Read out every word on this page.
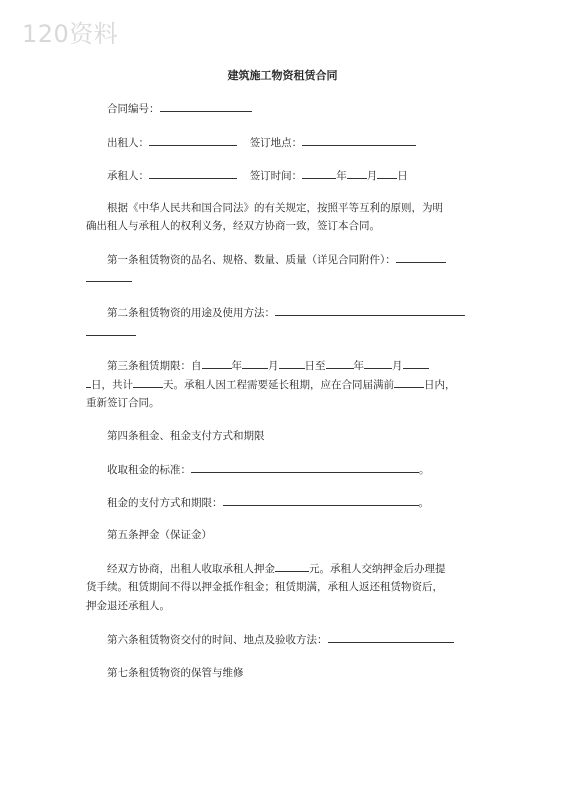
120资料
建筑施工物资租赁合同
合同编号：
出租人：	签订地点：
承租人：	签订时间：	年 月 日
根据《中华人民共和国合同法》的有关规定，按照平等互利的原则，为明
确出租人与承租人的权利义务，经双方协商一致，签订本合同。
第一条租赁物资的品名、规格、数量、质量（详见合同附件）：
第二条租赁物资的用途及使用方法：
第三条租赁期限：自	年 月 日至	年	月
日，共计	天。承租人因工程需要延长租期，应在合同届满前	日内，
重新签订合同。
第四条租金、租金支付方式和期限
收取租金的标准：	。
租金的支付方式和期限：	。
第五条押金（保证金）
经双方协商，出租人收取承租人押金	元。承租人交纳押金后办理提
货手续。租赁期间不得以押金抵作租金；租赁期满，承租人返还租赁物资后，
押金退还承租人。
第六条租赁物资交付的时间、地点及验收方法：
第七条租赁物资的保管与维修
